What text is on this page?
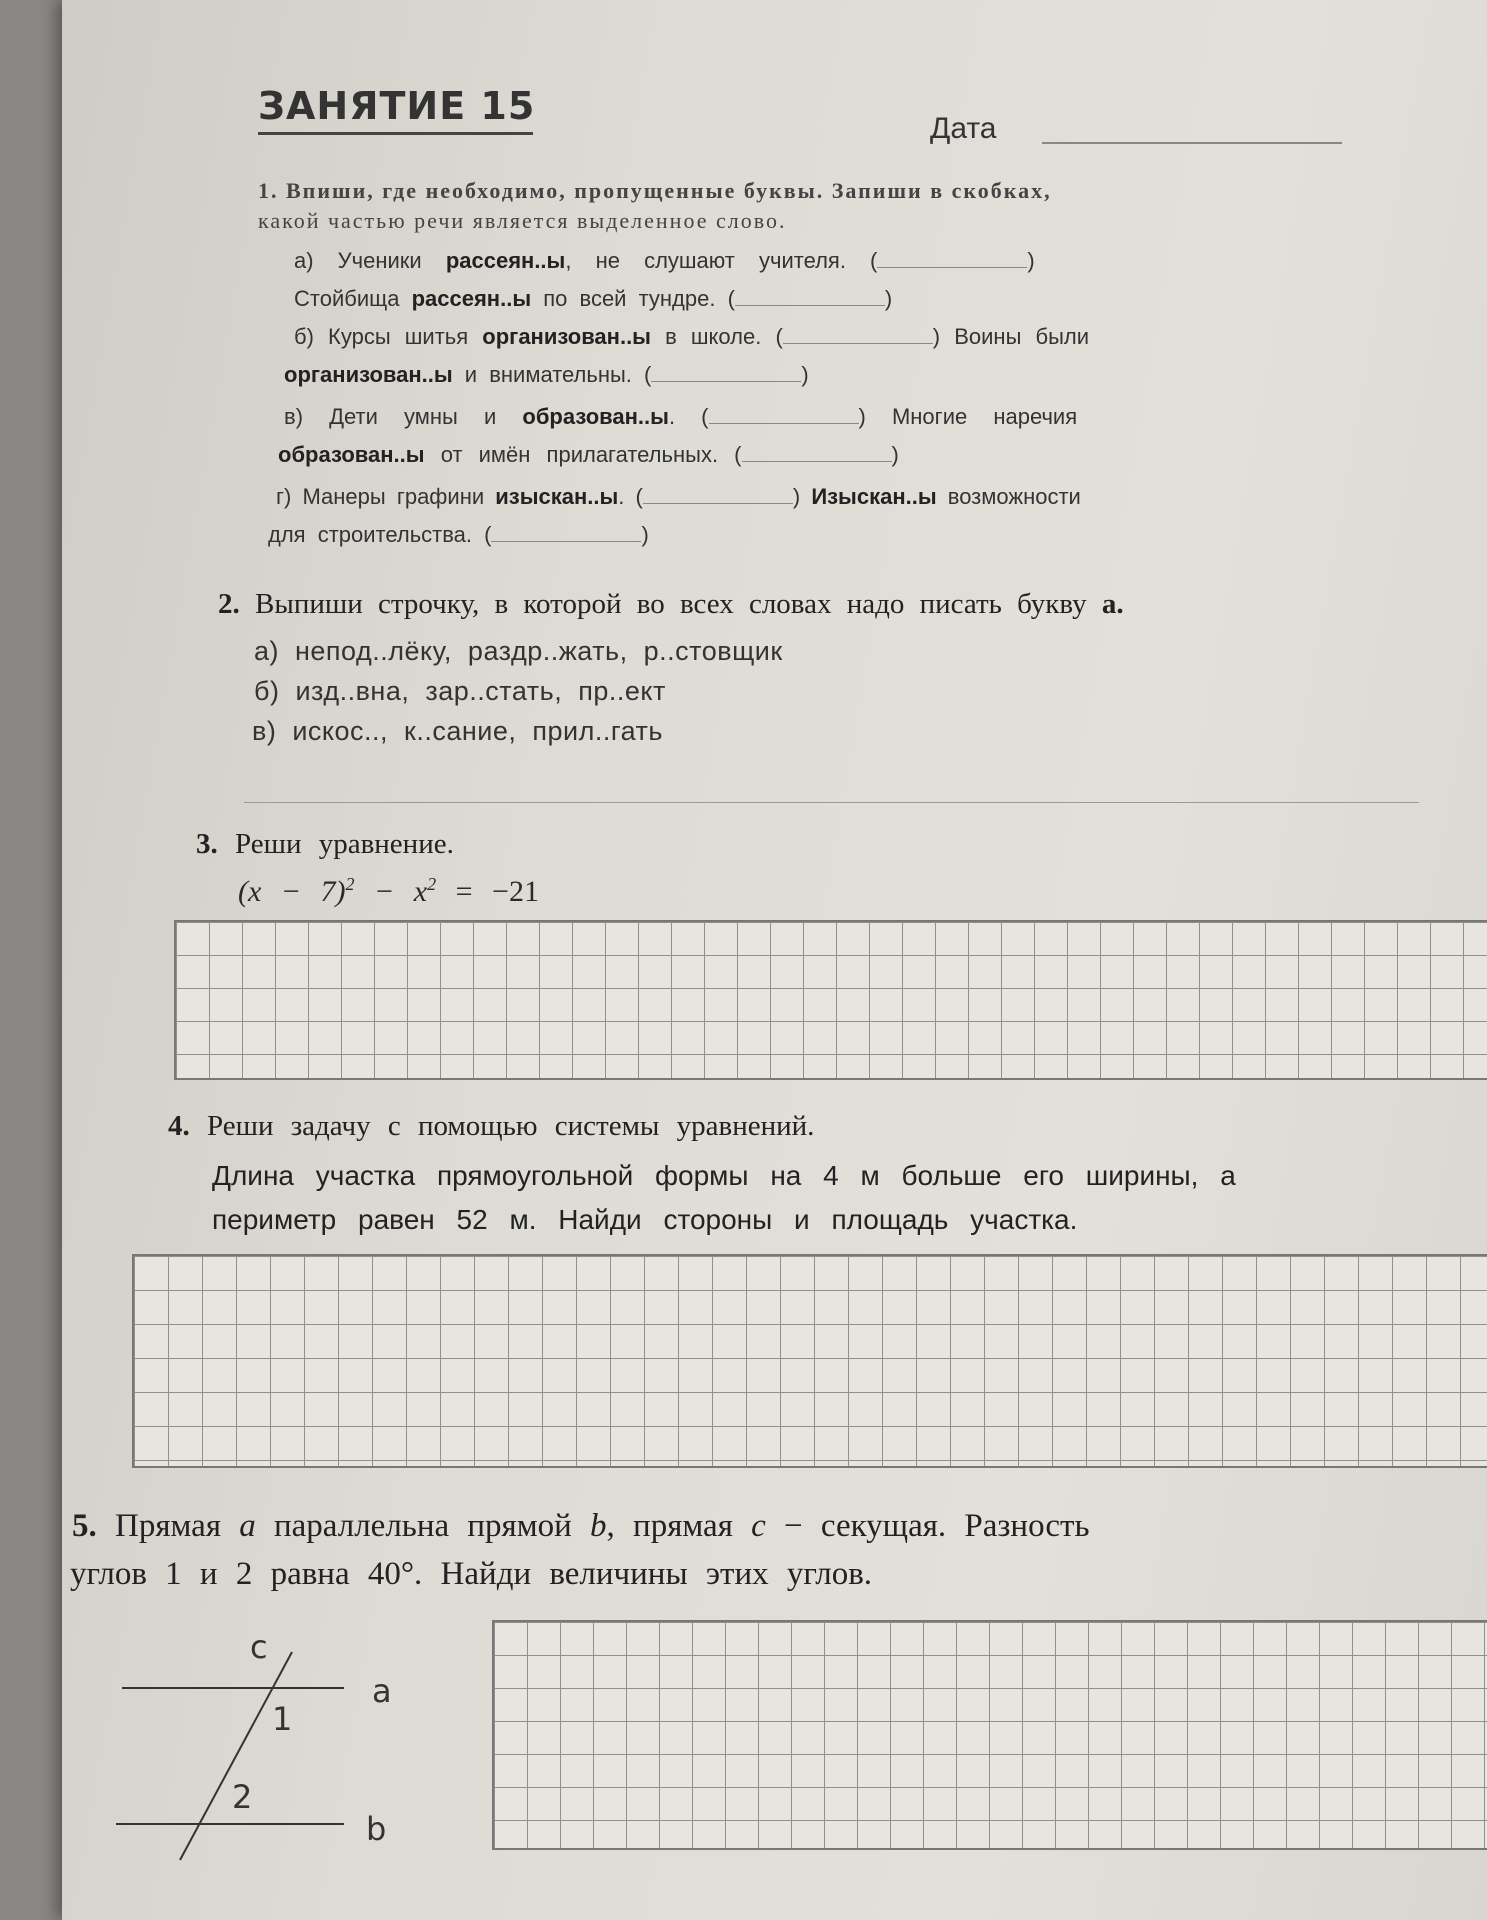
ЗАНЯТИЕ 15
Дата
1. Впиши, где необходимо, пропущенные буквы. Запиши в скобках,
какой частью речи является выделенное слово.
а) Ученики рассеян..ы, не слушают учителя. (	)
Стойбища рассеян..ы по всей тундре. (	)
б) Курсы шитья организован..ы в школе. (	) Воины были
организован..ы и внимательны. (	)
в) Дети умны и образован..ы. (	) Многие наречия
образован..ы от имён прилагательных. (	)
г) Манеры графини изыскан..ы. (	) Изыскан..ы возможности
для строительства. (	)
2. Выпиши строчку, в которой во всех словах надо писать букву а.
а) непод..лёку, раздр..жать, р..стовщик
б) изд..вна, зар..стать, пр..ект
в) искос.., к..сание, прил..гать
3. Реши уравнение.
$(x - 7)^2 - x^2 = -21$
4. Реши задачу с помощью системы уравнений.
Длина участка прямоугольной формы на 4 м больше его ширины, а
периметр равен 52 м. Найди стороны и площадь участка.
5. Прямая a параллельна прямой b, прямая c − секущая. Разность
углов 1 и 2 равна 40°. Найди величины этих углов.
c
a
b
1
2
